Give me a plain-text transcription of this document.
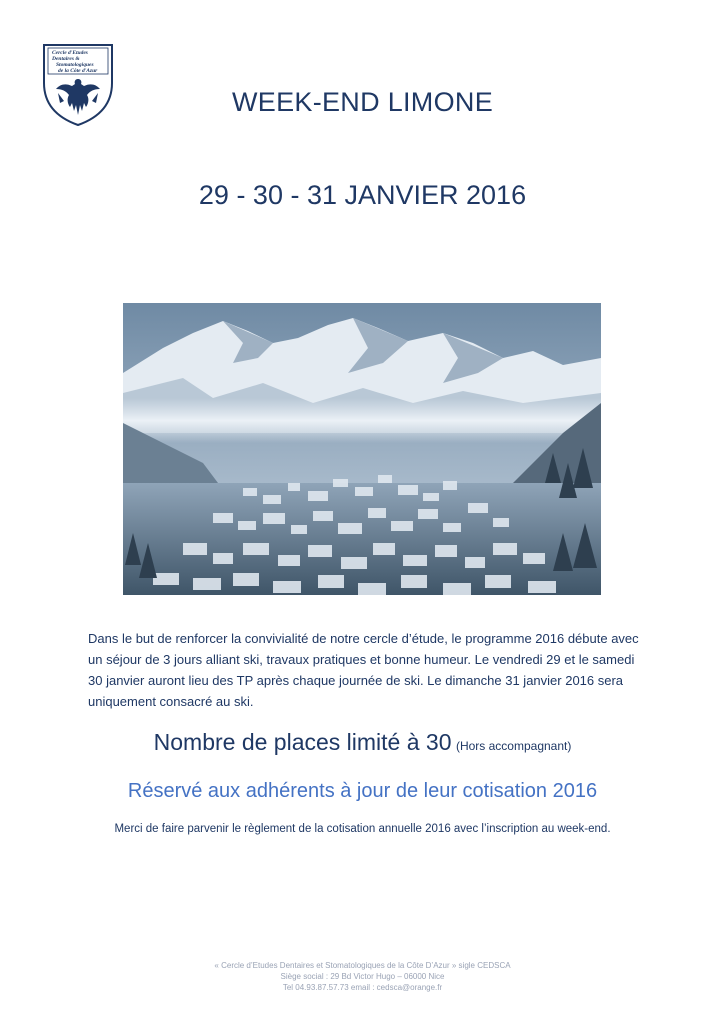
Cercle d'Etudes
Dentaires &
Stomatologiques
de la Côte d'Azur
WEEK-END LIMONE
29 - 30 - 31 JANVIER 2016
Dans le but de renforcer la convivialité de notre cercle d’étude, le programme 2016 débute avec un séjour de 3 jours alliant ski, travaux pratiques et bonne humeur. Le vendredi 29 et le samedi 30 janvier auront lieu des TP après chaque journée de ski. Le dimanche 31 janvier 2016 sera uniquement consacré au ski.
Nombre de places limité à 30 (Hors accompagnant)
Réservé aux adhérents à jour de leur cotisation 2016
Merci de faire parvenir le règlement de la cotisation annuelle 2016 avec l’inscription au week-end.
« Cercle d’Etudes Dentaires et Stomatologiques de la Côte D’Azur » sigle CEDSCA
Siège social : 29 Bd Victor Hugo – 06000 Nice
Tel 04.93.87.57.73 email : cedsca@orange.fr
